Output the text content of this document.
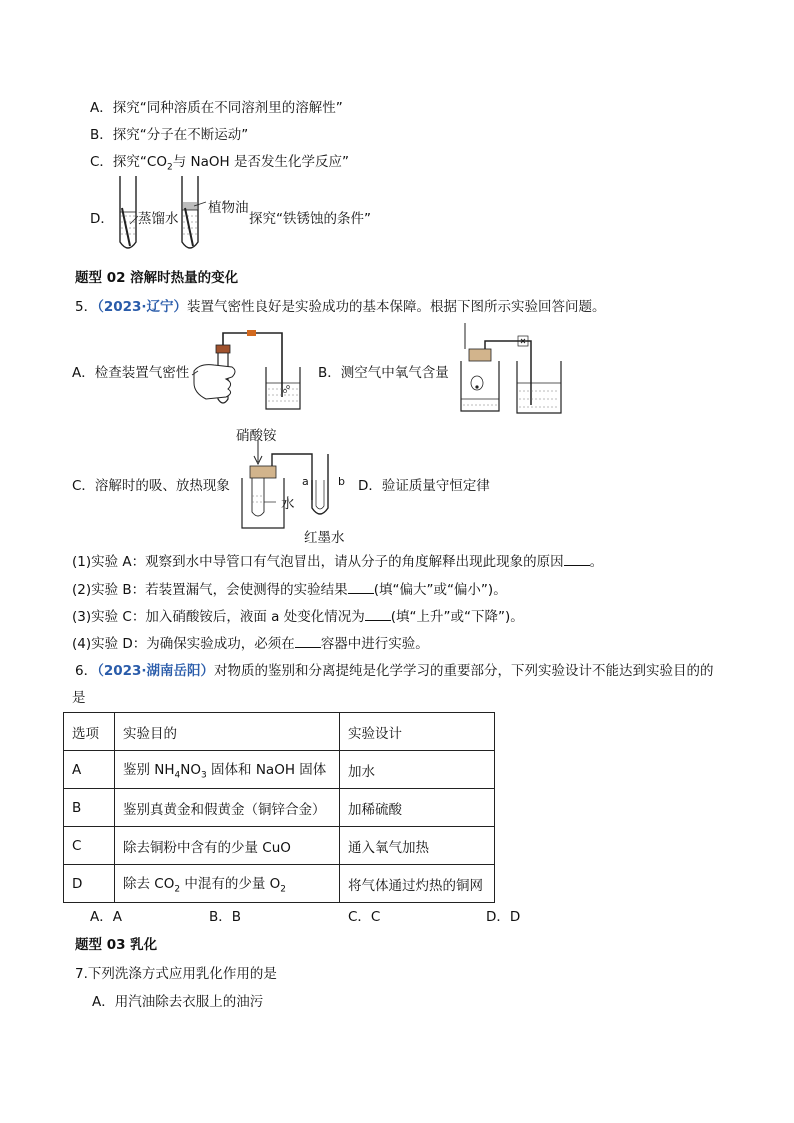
A．探究“同种溶质在不同溶剂里的溶解性”
B．探究“分子在不断运动”
C．探究“$CO_2$与 NaOH 是否发生化学反应”
D． 蒸馏水
植物油
探究“铁锈蚀的条件”
题型 02 溶解时热量的变化
5．（2023·辽宁）装置气密性良好是实验成功的基本保障。根据下图所示实验回答问题。
A．检查装置气密性	B．测空气中氧气含量
硝酸铵
C．溶解时的吸、放热现象
水
a	b
红墨水
D．验证质量守恒定律
(1)实验 A：观察到水中导管口有气泡冒出，请从分子的角度解释出现此现象的原因 。
(2)实验 B：若装置漏气，会使测得的实验结果 (填“偏大”或“偏小”)。
(3)实验 C：加入硝酸铵后，液面 a 处变化情况为 (填“上升”或“下降”)。
(4)实验 D：为确保实验成功，必须在 容器中进行实验。
6．（2023·湖南岳阳）对物质的鉴别和分离提纯是化学学习的重要部分，下列实验设计不能达到实验目的的
是
选项	实验目的	实验设计
A	鉴别 $NH_4NO_3$ 固体和 NaOH 固体	加水
B	鉴别真黄金和假黄金（铜锌合金）	加稀硫酸
C	除去铜粉中含有的少量 CuO	通入氧气加热
D	除去 $CO_2$ 中混有的少量 $O_2$	将气体通过灼热的铜网
A．A	B．B	C．C	D．D
题型 03 乳化
7.下列洗涤方式应用乳化作用的是
A．用汽油除去衣服上的油污
